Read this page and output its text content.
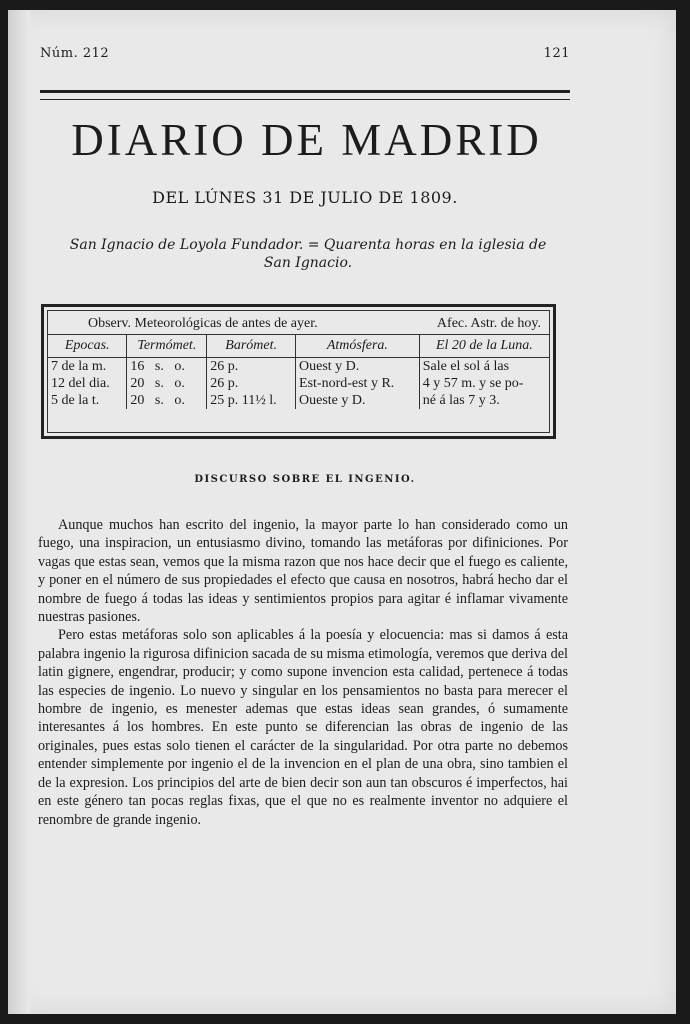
Núm. 212	121
DIARIO DE MADRID
DEL LÚNES 31 DE JULIO DE 1809.
San Ignacio de Loyola Fundador. = Quarenta horas en la iglesia de San Ignacio.
Observ. Meteorológicas de antes de ayer.	Afec. Astr. de hoy.
Epocas.	Termómet.	Barómet.	Atmósfera.	El 20 de la Luna.
7 de la m.	16   s.   o.	26 p.	Ouest y D.	Sale el sol á las
12 del dia.	20   s.   o.	26 p.	Est-nord-est y R.	4 y 57 m. y se po-
5 de la t.	20   s.   o.	25 p. 11½ l.	Oueste y D.	né á las 7 y 3.
DISCURSO SOBRE EL INGENIO.

Aunque muchos han escrito del ingenio, la mayor parte lo han considerado como un fuego, una inspiracion, un entusiasmo divino, tomando las metáforas por difiniciones. Por vagas que estas sean, vemos que la misma razon que nos hace decir que el fuego es caliente, y poner en el número de sus propiedades el efecto que causa en nosotros, habrá hecho dar el nombre de fuego á todas las ideas y sentimientos propios para agitar é inflamar vivamente nuestras pasiones.

Pero estas metáforas solo son aplicables á la poesía y elocuencia: mas si damos á esta palabra ingenio la rigurosa difinicion sacada de su misma etimología, veremos que deriva del latin gignere, engendrar, producir; y como supone invencion esta calidad, pertenece á todas las especies de ingenio. Lo nuevo y singular en los pensamientos no basta para merecer el hombre de ingenio, es menester ademas que estas ideas sean grandes, ó sumamente interesantes á los hombres. En este punto se diferencian las obras de ingenio de las originales, pues estas solo tienen el carácter de la singularidad. Por otra parte no debemos entender simplemente por ingenio el de la invencion en el plan de una obra, sino tambien el de la expresion. Los principios del arte de bien decir son aun tan obscuros é imperfectos, hai en este género tan pocas reglas fixas, que el que no es realmente inventor no adquiere el renombre de grande ingenio.
